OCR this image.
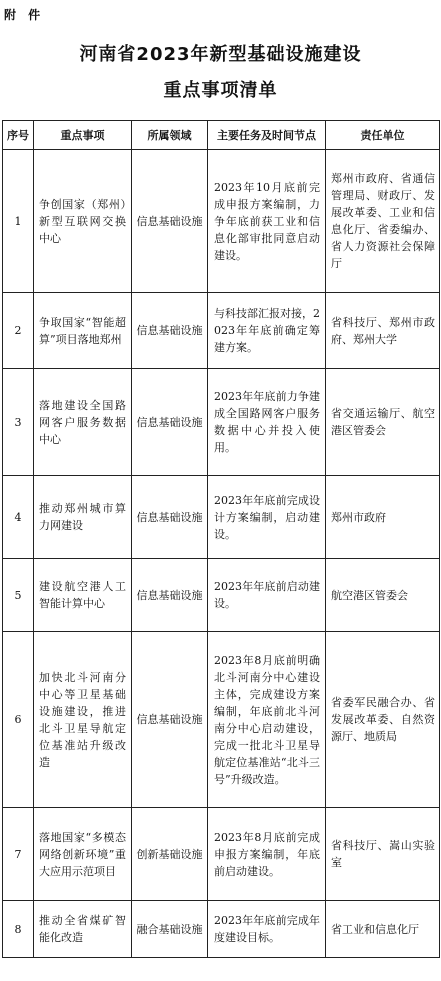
附 件
河南省2023年新型基础设施建设
重点事项清单
序号	重点事项	所属领域	主要任务及时间节点	责任单位
1	争创国家（郑州）新型互联网交换中心	信息基础设施	2023年10月底前完成申报方案编制，力争年底前获工业和信息化部审批同意启动建设。	郑州市政府、省通信管理局、财政厅、发展改革委、工业和信息化厅、省委编办、省人力资源社会保障厅
2	争取国家“智能超算”项目落地郑州	信息基础设施	与科技部汇报对接，2023年年底前确定筹建方案。	省科技厅、郑州市政府、郑州大学
3	落地建设全国路网客户服务数据中心	信息基础设施	2023年年底前力争建成全国路网客户服务数据中心并投入使用。	省交通运输厅、航空港区管委会
4	推动郑州城市算力网建设	信息基础设施	2023年年底前完成设计方案编制，启动建设。	郑州市政府
5	建设航空港人工智能计算中心	信息基础设施	2023年年底前启动建设。	航空港区管委会
6	加快北斗河南分中心等卫星基础设施建设，推进北斗卫星导航定位基准站升级改造	信息基础设施	2023年8月底前明确北斗河南分中心建设主体，完成建设方案编制，年底前北斗河南分中心启动建设，完成一批北斗卫星导航定位基准站“北斗三号”升级改造。	省委军民融合办、省发展改革委、自然资源厅、地质局
7	落地国家“多模态网络创新环境”重大应用示范项目	创新基础设施	2023年8月底前完成申报方案编制，年底前启动建设。	省科技厅、嵩山实验室
8	推动全省煤矿智能化改造	融合基础设施	2023年年底前完成年度建设目标。	省工业和信息化厅
